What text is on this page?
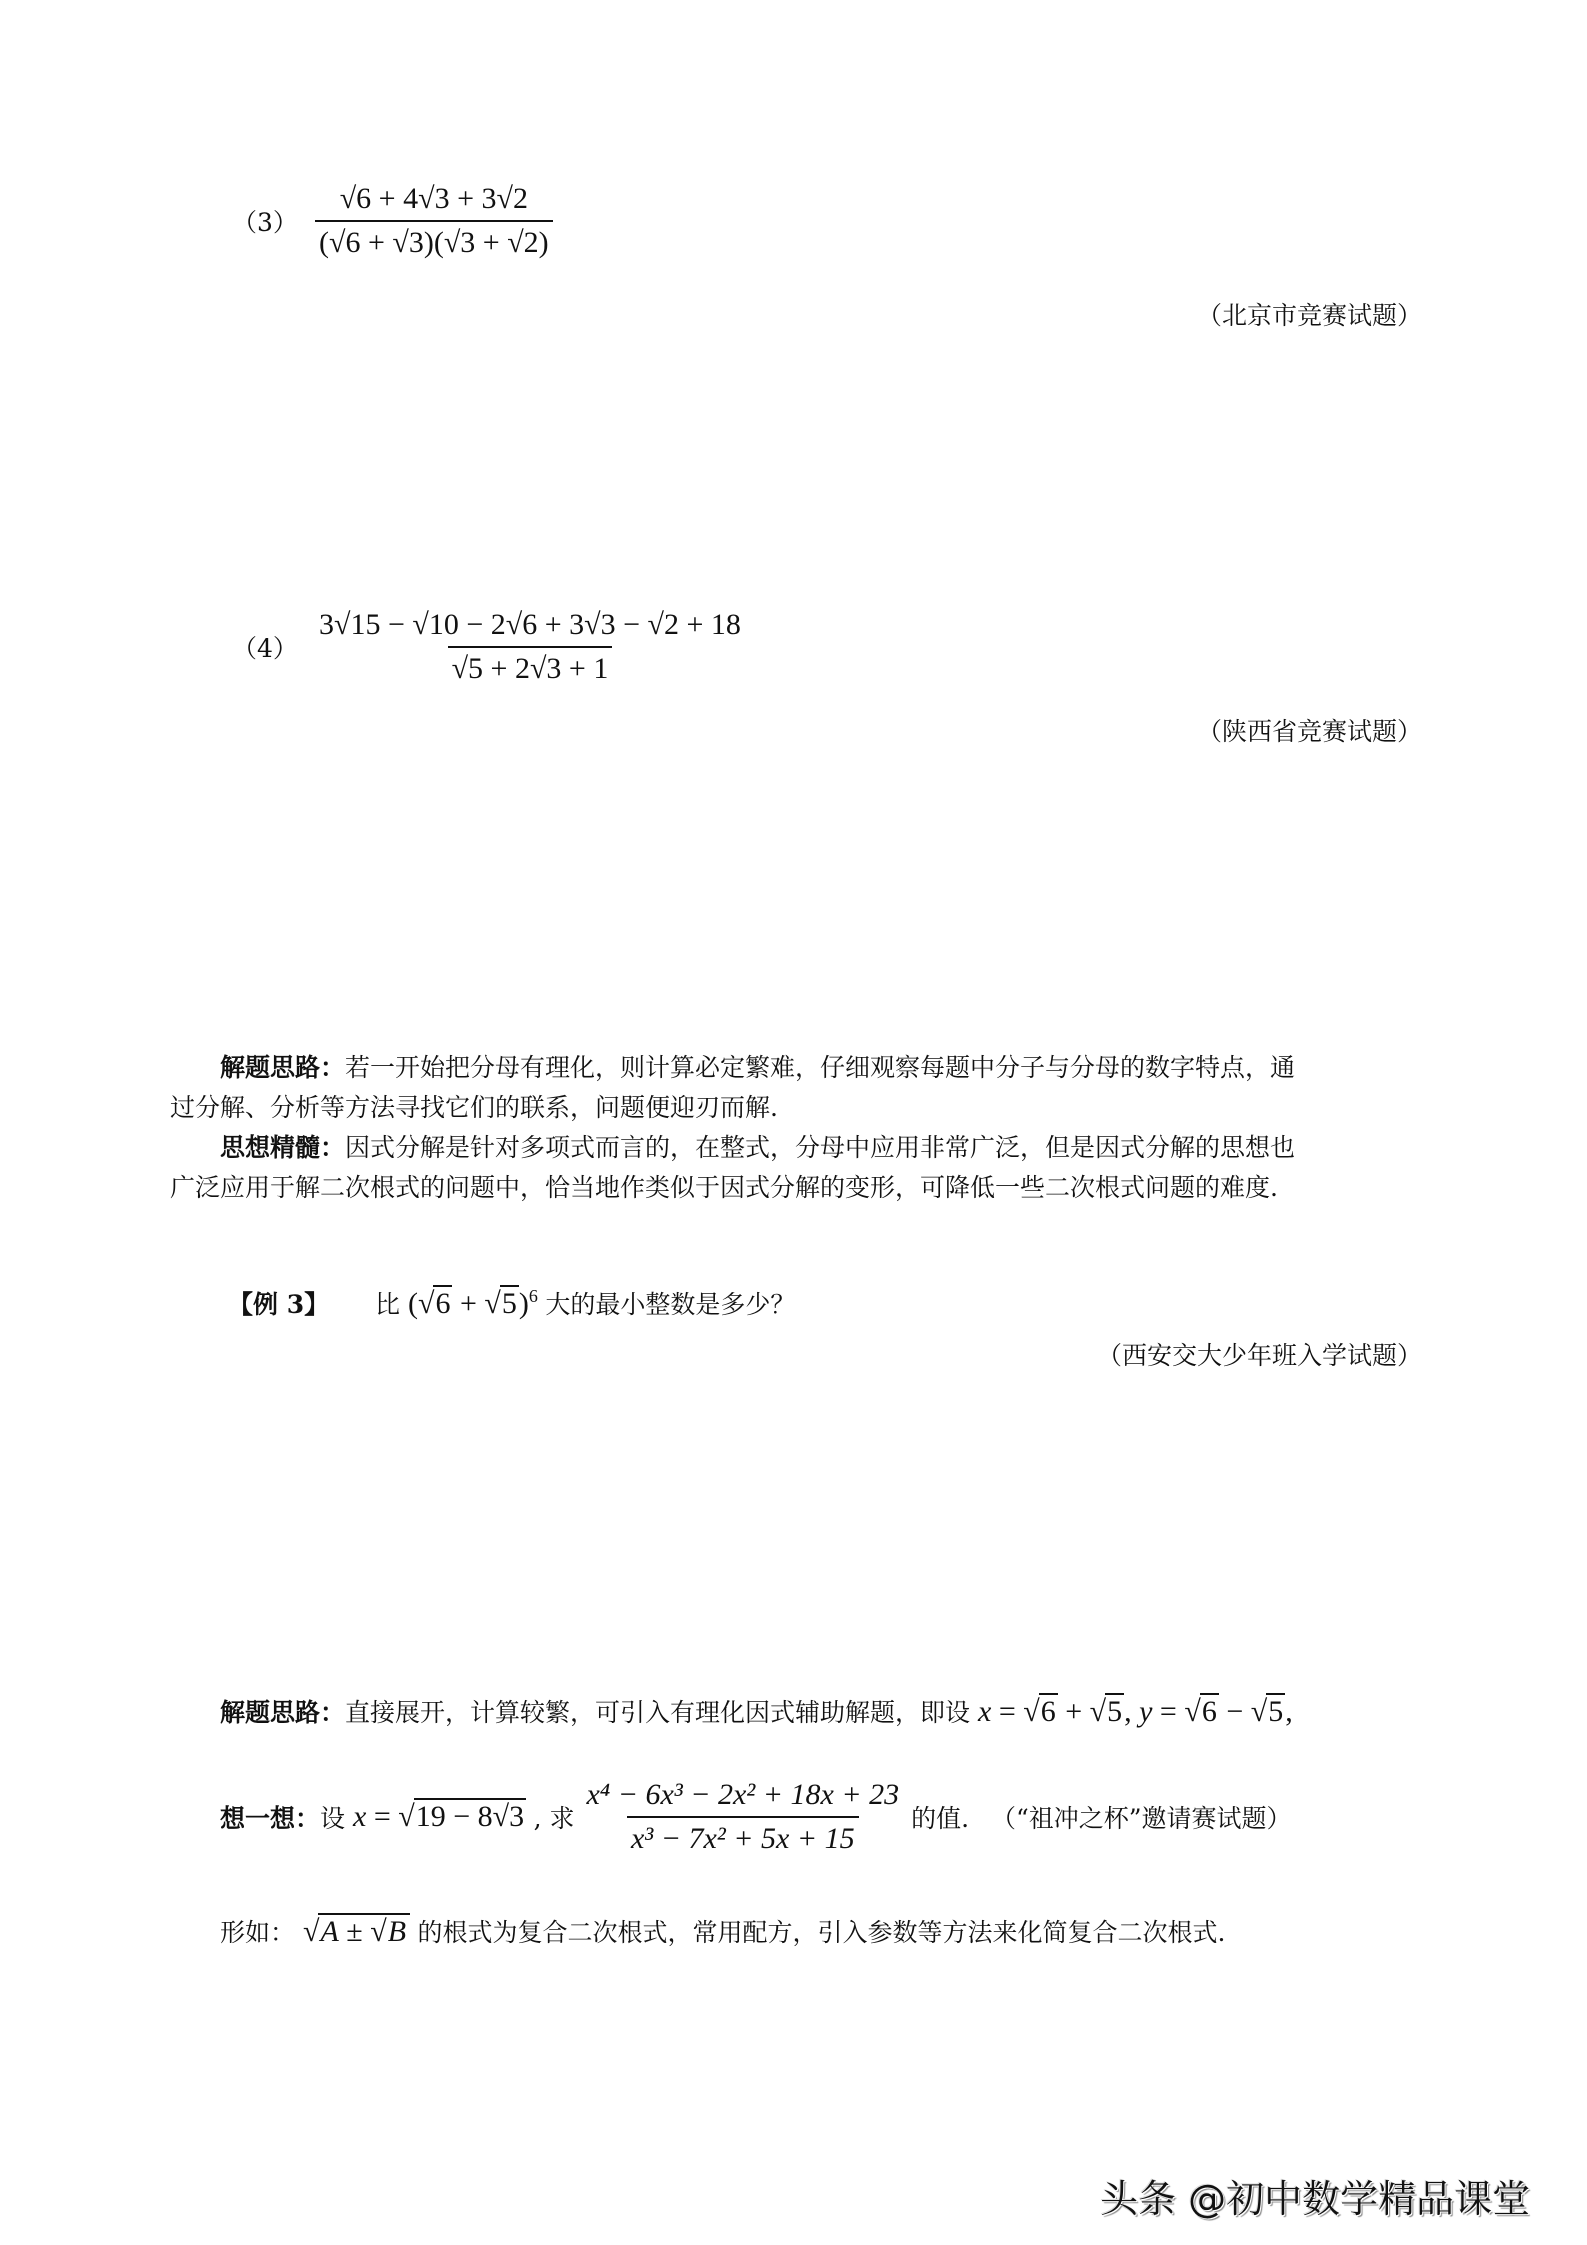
$(3) \frac{√6 + 4√3 + 3√2}{(√6 + √3)(√3 + √2)}$
（北京市竞赛试题）
$(4) \frac{3√15 - √10 - 2√6 + 3√3 - √2 + 18}{√5 + 2√3 + 1}$
（陕西省竞赛试题）
解题思路：若一开始把分母有理化，则计算必定繁难，仔细观察每题中分子与分母的数字特点，通
过分解、分析等方法寻找它们的联系，问题便迎刃而解.
思想精髓：因式分解是针对多项式而言的，在整式，分母中应用非常广泛，但是因式分解的思想也
广泛应用于解二次根式的问题中，恰当地作类似于因式分解的变形，可降低一些二次根式问题的难度.
【例 3】 比 $(√6 + √5)^6$ 大的最小整数是多少？
（西安交大少年班入学试题）
解题思路：直接展开，计算较繁，可引入有理化因式辅助解题，即设 x = √6 + √5, y = √6 − √5,
想一想：设 x = √19 − 8√3 , 求 $\frac{\text{x⁴ − 6x³ − 2x² + 18x + 23}}{\text{x³ − 7x² + 5x + 15}}$ 的值. （“祖冲之杯”邀请赛试题）
形如： √A ± √B 的根式为复合二次根式，常用配方，引入参数等方法来化简复合二次根式.
头条 @初中数学精品课堂
